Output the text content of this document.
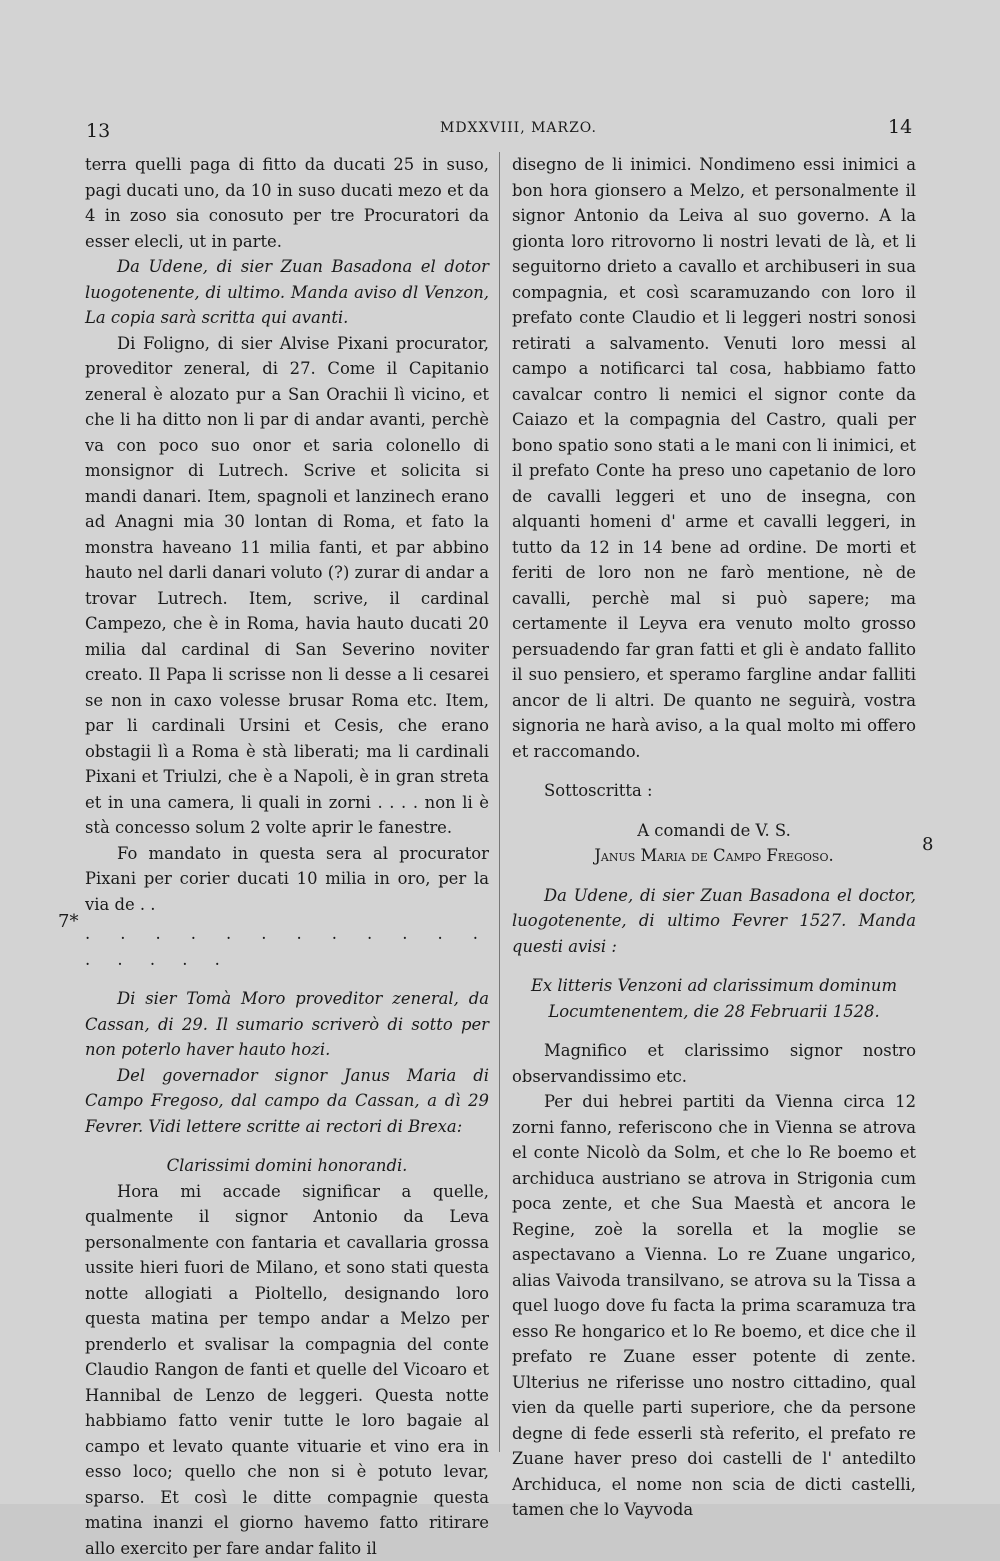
13	MDXXVIII, MARZO.	14
7*
8

terra quelli paga di fitto da ducati 25 in suso, pagi ducati uno, da 10 in suso ducati mezo et da 4 in zoso sia conosuto per tre Procuratori da esser elecli, ut in parte.

Da Udene, di sier Zuan Basadona el dotor luogotenente, di ultimo. Manda aviso dl Venzon, La copia sarà scritta qui avanti.

Di Foligno, di sier Alvise Pixani procurator, proveditor zeneral, di 27. Come il Capitanio zeneral è alozato pur a San Orachii lì vicino, et che li ha ditto non li par di andar avanti, perchè va con poco suo onor et saria colonello di monsignor di Lutrech. Scrive et solicita si mandi danari. Item, spagnoli et lanzinech erano ad Anagni mia 30 lontan di Roma, et fato la monstra haveano 11 milia fanti, et par abbino hauto nel darli danari voluto (?) zurar di andar a trovar Lutrech. Item, scrive, il cardinal Campezo, che è in Roma, havia hauto ducati 20 milia dal cardinal di San Severino noviter creato. Il Papa li scrisse non li desse a li cesarei se non in caxo volesse brusar Roma etc. Item, par li cardinali Ursini et Cesis, che erano obstagii lì a Roma è stà liberati; ma li cardinali Pixani et Triulzi, che è a Napoli, è in gran streta et in una camera, li quali in zorni . . . . non li è stà concesso solum 2 volte aprir le fanestre.

Fo mandato in questa sera al procurator Pixani per corier ducati 10 milia in oro, per la via de . .

. . . . . . . . . . . . . . . . .

Di sier Tomà Moro proveditor zeneral, da Cassan, di 29. Il sumario scriverò di sotto per non poterlo haver hauto hozi.

Del governador signor Janus Maria di Campo Fregoso, dal campo da Cassan, a dì 29 Fevrer. Vidi lettere scritte ai rectori di Brexa:

Clarissimi domini honorandi.

Hora mi accade significar a quelle, qualmente il signor Antonio da Leva personalmente con fantaria et cavallaria grossa ussite hieri fuori de Milano, et sono stati questa notte allogiati a Pioltello, designando loro questa matina per tempo andar a Melzo per prenderlo et svalisar la compagnia del conte Claudio Rangon de fanti et quelle del Vicoaro et Hannibal de Lenzo de leggeri. Questa notte habbiamo fatto venir tutte le loro bagaie al campo et levato quante vituarie et vino era in esso loco; quello che non si è potuto levar, sparso. Et così le ditte compagnie questa matina inanzi el giorno havemo fatto ritirare allo exercito per fare andar falito il

disegno de li inimici. Nondimeno essi inimici a bon hora gionsero a Melzo, et personalmente il signor Antonio da Leiva al suo governo. A la gionta loro ritrovorno li nostri levati de là, et li seguitorno drieto a cavallo et archibuseri in sua compagnia, et così scaramuzando con loro il prefato conte Claudio et li leggeri nostri sonosi retirati a salvamento. Venuti loro messi al campo a notificarci tal cosa, habbiamo fatto cavalcar contro li nemici el signor conte da Caiazo et la compagnia del Castro, quali per bono spatio sono stati a le mani con li inimici, et il prefato Conte ha preso uno capetanio de loro de cavalli leggeri et uno de insegna, con alquanti homeni d' arme et cavalli leggeri, in tutto da 12 in 14 bene ad ordine. De morti et feriti de loro non ne farò mentione, nè de cavalli, perchè mal si può sapere; ma certamente il Leyva era venuto molto grosso persuadendo far gran fatti et gli è andato fallito il suo pensiero, et speramo fargline andar falliti ancor de li altri. De quanto ne seguirà, vostra signoria ne harà aviso, a la qual molto mi offero et raccomando.

Sottoscritta :

A comandi de V. S.

Janus Maria de Campo Fregoso.

Da Udene, di sier Zuan Basadona el doctor, luogotenente, di ultimo Fevrer 1527. Manda questi avisi :

Ex litteris Venzoni ad clarissimum dominum Locumtenentem, die 28 Februarii 1528.

Magnifico et clarissimo signor nostro observandissimo etc.

Per dui hebrei partiti da Vienna circa 12 zorni fanno, referiscono che in Vienna se atrova el conte Nicolò da Solm, et che lo Re boemo et archiduca austriano se atrova in Strigonia cum poca zente, et che Sua Maestà et ancora le Regine, zoè la sorella et la moglie se aspectavano a Vienna. Lo re Zuane ungarico, alias Vaivoda transilvano, se atrova su la Tissa a quel luogo dove fu facta la prima scaramuza tra esso Re hongarico et lo Re boemo, et dice che il prefato re Zuane esser potente di zente. Ulterius ne riferisse uno nostro cittadino, qual vien da quelle parti superiore, che da persone degne di fede esserli stà referito, el prefato re Zuane haver preso doi castelli de l' antedilto Archiduca, el nome non scia de dicti castelli, tamen che lo Vayvoda
